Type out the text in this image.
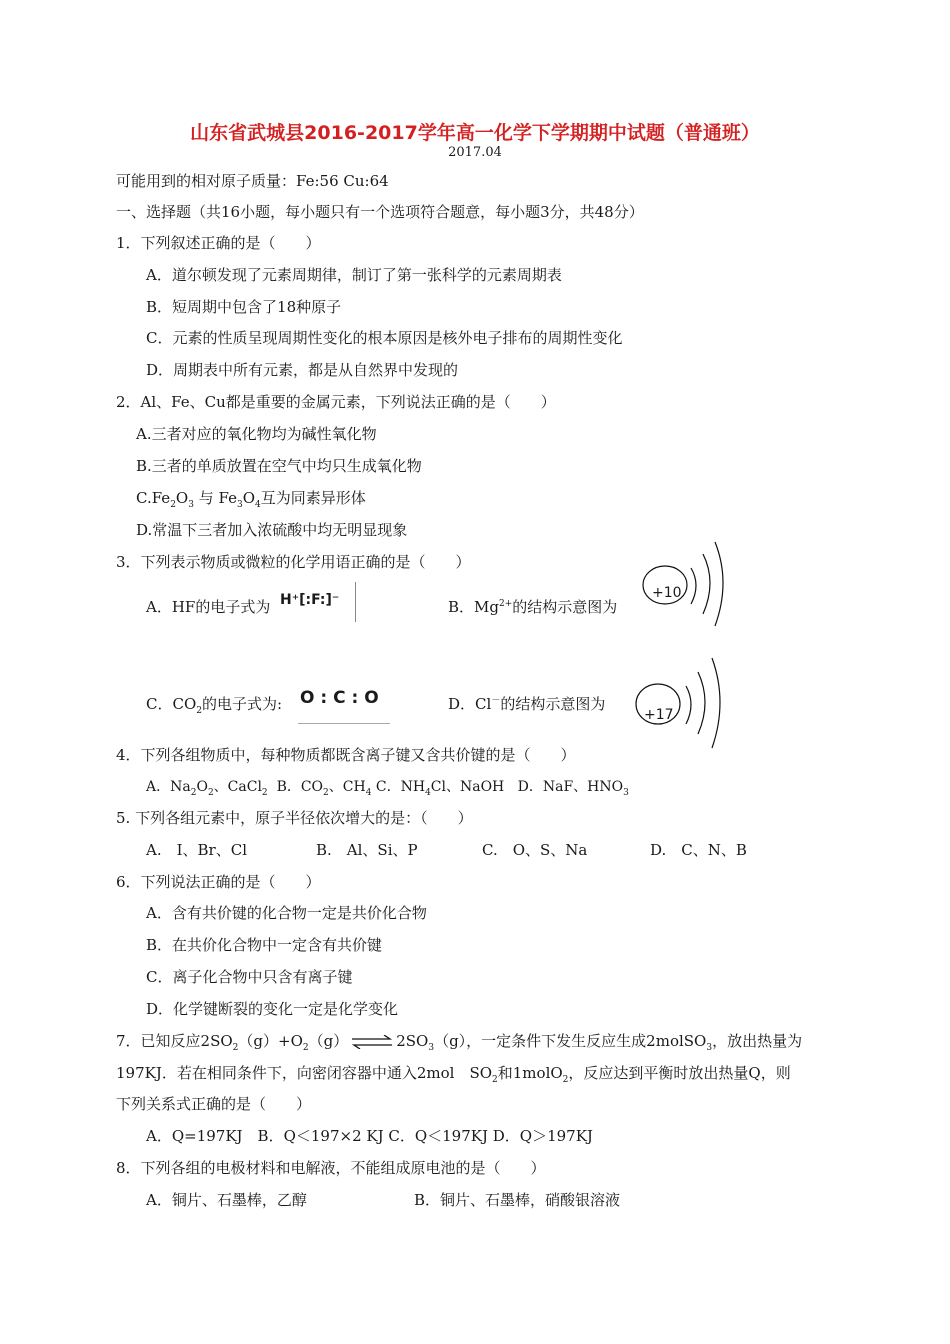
山东省武城县2016-2017学年高一化学下学期期中试题（普通班）
2017.04
可能用到的相对原子质量：Fe:56 Cu:64
一、选择题（共16小题，每小题只有一个选项符合题意，每小题3分，共48分）
1．下列叙述正确的是（　　）
A．道尔顿发现了元素周期律，制订了第一张科学的元素周期表
B．短周期中包含了18种原子
C．元素的性质呈现周期性变化的根本原因是核外电子排布的周期性变化
D．周期表中所有元素，都是从自然界中发现的
2．Al、Fe、Cu都是重要的金属元素，下列说法正确的是（　　）
A.三者对应的氧化物均为碱性氧化物
B.三者的单质放置在空气中均只生成氧化物
$C.Fe_2O_3$ 与 $Fe_3O_4$互为同素异形体
D.常温下三者加入浓硫酸中均无明显现象
3．下列表示物质或微粒的化学用语正确的是（　　）
A．HF的电子式为 H⁺[:F:]⁻	B．$Mg^{2+}$的结构示意图为
+10
C．$CO_2$的电子式为: O : C : O	D．Cl－的结构示意图为
+17
4．下列各组物质中，每种物质都既含离子键又含共价键的是（　　）
A．$Na_2O_2$、CaCl$_2$ B．$CO_2$、$CH_4$ C．$NH_4Cl$、NaOH D．NaF、$HNO_3$
5. 下列各组元素中，原子半径依次增大的是：（　　）
A.　I、Br、Cl	B.　Al、Si、P	C.　O、S、Na	D.　C、N、B
6．下列说法正确的是（　　）
A．含有共价键的化合物一定是共价化合物
B．在共价化合物中一定含有共价键
C．离子化合物中只含有离子键
D．化学键断裂的变化一定是化学变化
7．已知反应$2SO_2(g)+O_2(g)$ ⇌ $2SO_3(g)$，一定条件下发生反应生成2molSO$_3$，放出热量为
197KJ．若在相同条件下，向密闭容器中通入2mol　$SO_2$和1molO$_2$，反应达到平衡时放出热量Q，则
下列关系式正确的是（　　）
A．Q=197KJ　B．Q＜197×2 KJ C．Q＜197KJ D．Q＞197KJ
8．下列各组的电极材料和电解液，不能组成原电池的是（　　）
A．铜片、石墨棒，乙醇	B．铜片、石墨棒，硝酸银溶液
